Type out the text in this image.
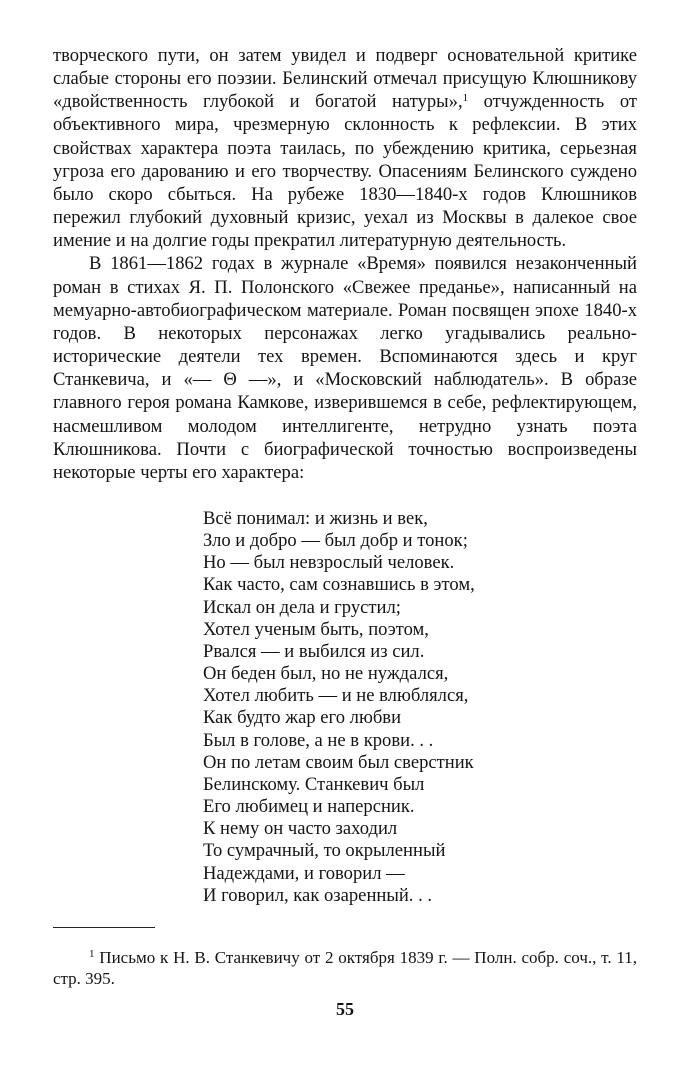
творческого пути, он затем увидел и подверг основательной критике слабые стороны его поэзии. Белинский отмечал присущую Клюшникову «двойственность глубокой и богатой натуры»,$^1$ отчужденность от объективного мира, чрезмерную склонность к рефлексии. В этих свойствах характера поэта таилась, по убеждению критика, серьезная угроза его дарованию и его творчеству. Опасениям Белинского суждено было скоро сбыться. На рубеже 1830—1840-х годов Клюшников пережил глубокий духовный кризис, уехал из Москвы в далекое свое имение и на долгие годы прекратил литературную деятельность.

В 1861—1862 годах в журнале «Время» появился незаконченный роман в стихах Я. П. Полонского «Свежее преданье», написанный на мемуарно-автобиографическом материале. Роман посвящен эпохе 1840-х годов. В некоторых персонажах легко угадывались реально-исторические деятели тех времен. Вспоминаются здесь и круг Станкевича, и «— Θ —», и «Московский наблюдатель». В образе главного героя романа Камкове, изверившемся в себе, рефлектирующем, насмешливом молодом интеллигенте, нетрудно узнать поэта Клюшникова. Почти с биографической точностью воспроизведены некоторые черты его характера:

Всё понимал: и жизнь и век,
Зло и добро — был добр и тонок;
Но — был невзрослый человек.
Как часто, сам сознавшись в этом,
Искал он дела и грустил;
Хотел ученым быть, поэтом,
Рвался — и выбился из сил.
Он беден был, но не нуждался,
Хотел любить — и не влюблялся,
Как будто жар его любви
Был в голове, а не в крови. . .
Он по летам своим был сверстник
Белинскому. Станкевич был
Его любимец и наперсник.
К нему он часто заходил
То сумрачный, то окрыленный
Надеждами, и говорил —
И говорил, как озаренный. . .
$^1$ Письмо к Н. В. Станкевичу от 2 октября 1839 г. — Полн. собр. соч., т. 11, стр. 395.
55
